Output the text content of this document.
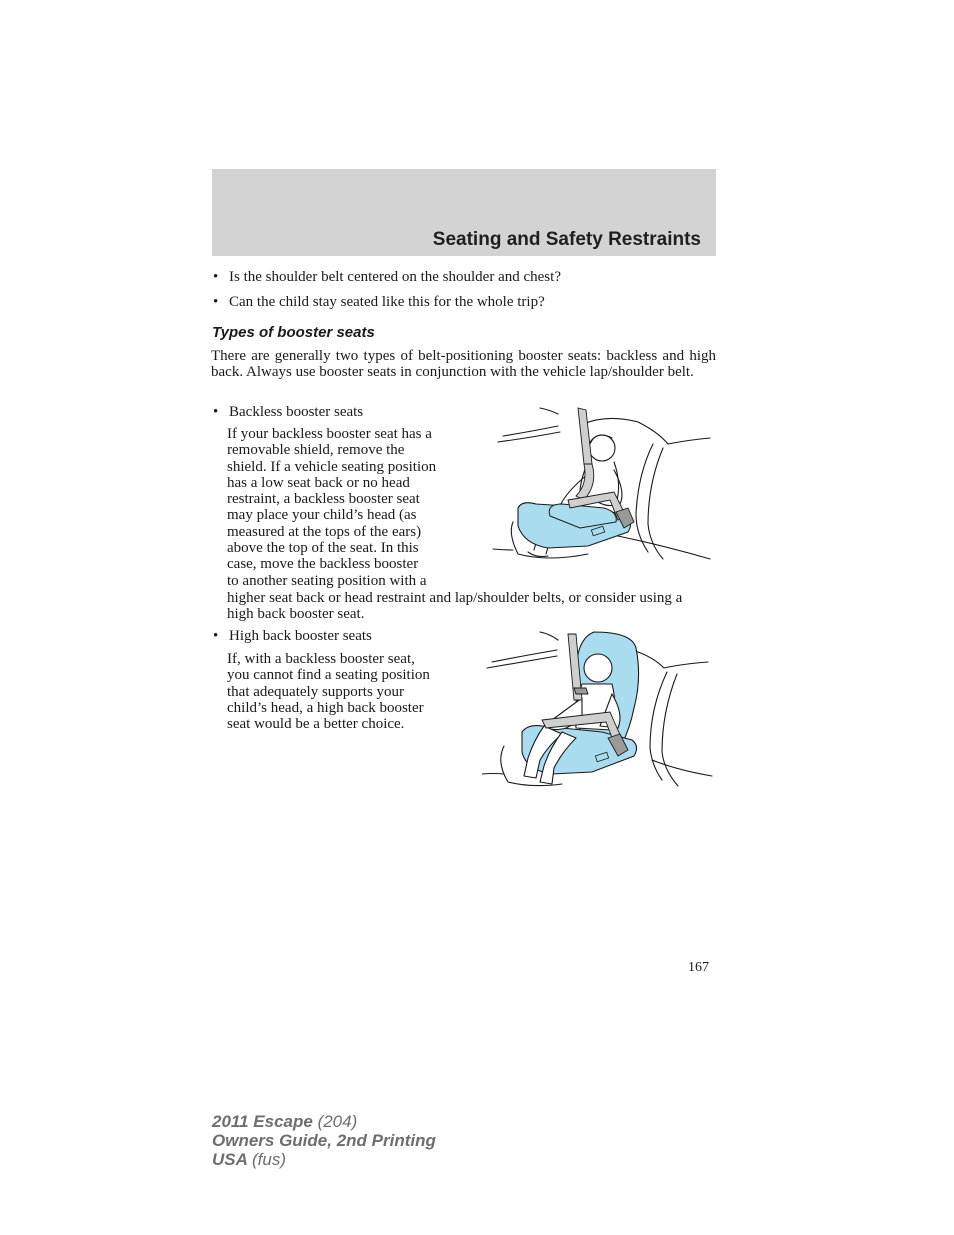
Seating and Safety Restraints

• Is the shoulder belt centered on the shoulder and chest?

• Can the child stay seated like this for the whole trip?

Types of booster seats
There are generally two types of belt-positioning booster seats: backless and high back. Always use booster seats in conjunction with the vehicle lap/shoulder belt.

• Backless booster seats

If your backless booster seat has a
removable shield, remove the
shield. If a vehicle seating position
has a low seat back or no head
restraint, a backless booster seat
may place your child’s head (as
measured at the tops of the ears)
above the top of the seat. In this
case, move the backless booster
to another seating position with a
higher seat back or head restraint and lap/shoulder belts, or consider using a high back booster seat.

• High back booster seats

If, with a backless booster seat,
you cannot find a seating position
that adequately supports your
child’s head, a high back booster
seat would be a better choice.
167
2011 Escape (204)
Owners Guide, 2nd Printing
USA (fus)
